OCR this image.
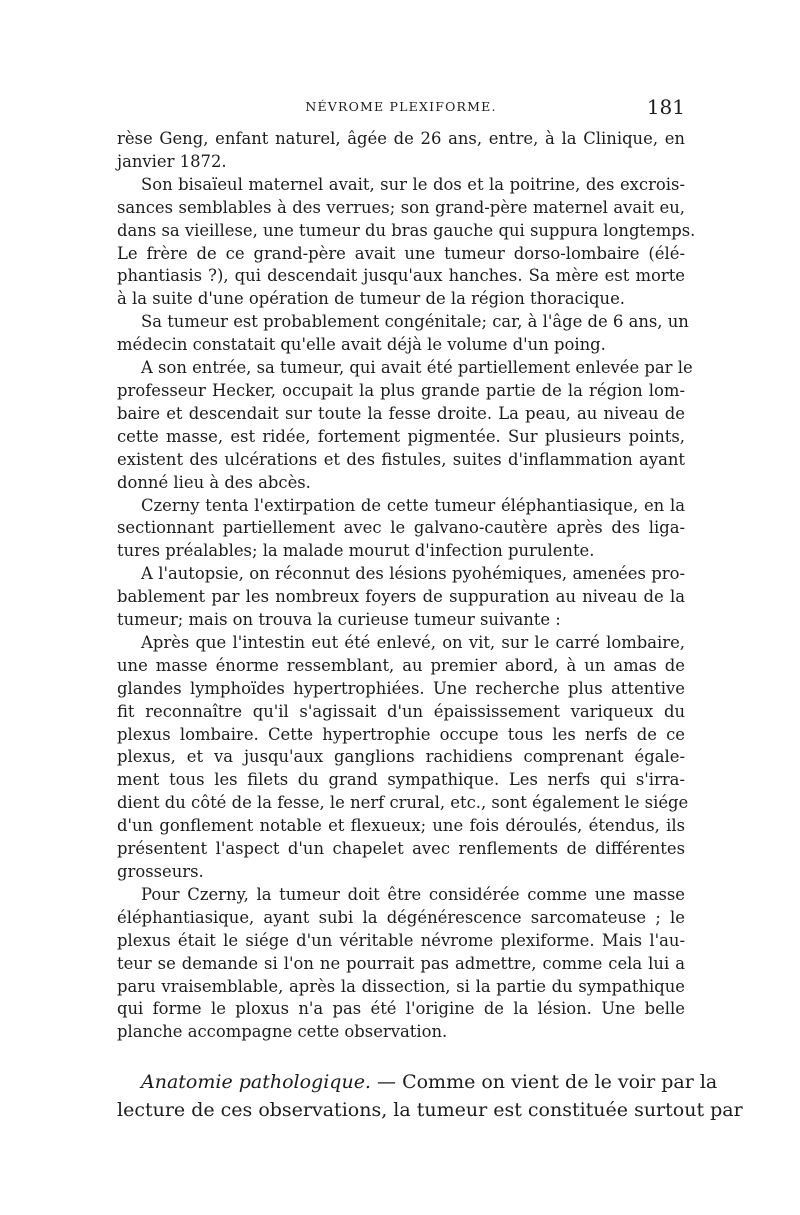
NÉVROME PLEXIFORME.	181
rèse Geng, enfant naturel, âgée de 26 ans, entre, à la Clinique, en
janvier 1872.
Son bisaïeul maternel avait, sur le dos et la poitrine, des excrois-
sances semblables à des verrues; son grand-père maternel avait eu,
dans sa vieillese, une tumeur du bras gauche qui suppura longtemps.
Le frère de ce grand-père avait une tumeur dorso-lombaire (élé-
phantiasis ?), qui descendait jusqu'aux hanches. Sa mère est morte
à la suite d'une opération de tumeur de la région thoracique.
Sa tumeur est probablement congénitale; car, à l'âge de 6 ans, un
médecin constatait qu'elle avait déjà le volume d'un poing.
A son entrée, sa tumeur, qui avait été partiellement enlevée par le
professeur Hecker, occupait la plus grande partie de la région lom-
baire et descendait sur toute la fesse droite. La peau, au niveau de
cette masse, est ridée, fortement pigmentée. Sur plusieurs points,
existent des ulcérations et des fistules, suites d'inflammation ayant
donné lieu à des abcès.
Czerny tenta l'extirpation de cette tumeur éléphantiasique, en la
sectionnant partiellement avec le galvano-cautère après des liga-
tures préalables; la malade mourut d'infection purulente.
A l'autopsie, on réconnut des lésions pyohémiques, amenées pro-
bablement par les nombreux foyers de suppuration au niveau de la
tumeur; mais on trouva la curieuse tumeur suivante :
Après que l'intestin eut été enlevé, on vit, sur le carré lombaire,
une masse énorme ressemblant, au premier abord, à un amas de
glandes lymphoïdes hypertrophiées. Une recherche plus attentive
fit reconnaître qu'il s'agissait d'un épaississement variqueux du
plexus lombaire. Cette hypertrophie occupe tous les nerfs de ce
plexus, et va jusqu'aux ganglions rachidiens comprenant égale-
ment tous les filets du grand sympathique. Les nerfs qui s'irra-
dient du côté de la fesse, le nerf crural, etc., sont également le siége
d'un gonflement notable et flexueux; une fois déroulés, étendus, ils
présentent l'aspect d'un chapelet avec renflements de différentes
grosseurs.
Pour Czerny, la tumeur doit être considérée comme une masse
éléphantiasique, ayant subi la dégénérescence sarcomateuse ; le
plexus était le siége d'un véritable névrome plexiforme. Mais l'au-
teur se demande si l'on ne pourrait pas admettre, comme cela lui a
paru vraisemblable, après la dissection, si la partie du sympathique
qui forme le ploxus n'a pas été l'origine de la lésion. Une belle
planche accompagne cette observation.
Anatomie pathologique. — Comme on vient de le voir par la
lecture de ces observations, la tumeur est constituée surtout par
